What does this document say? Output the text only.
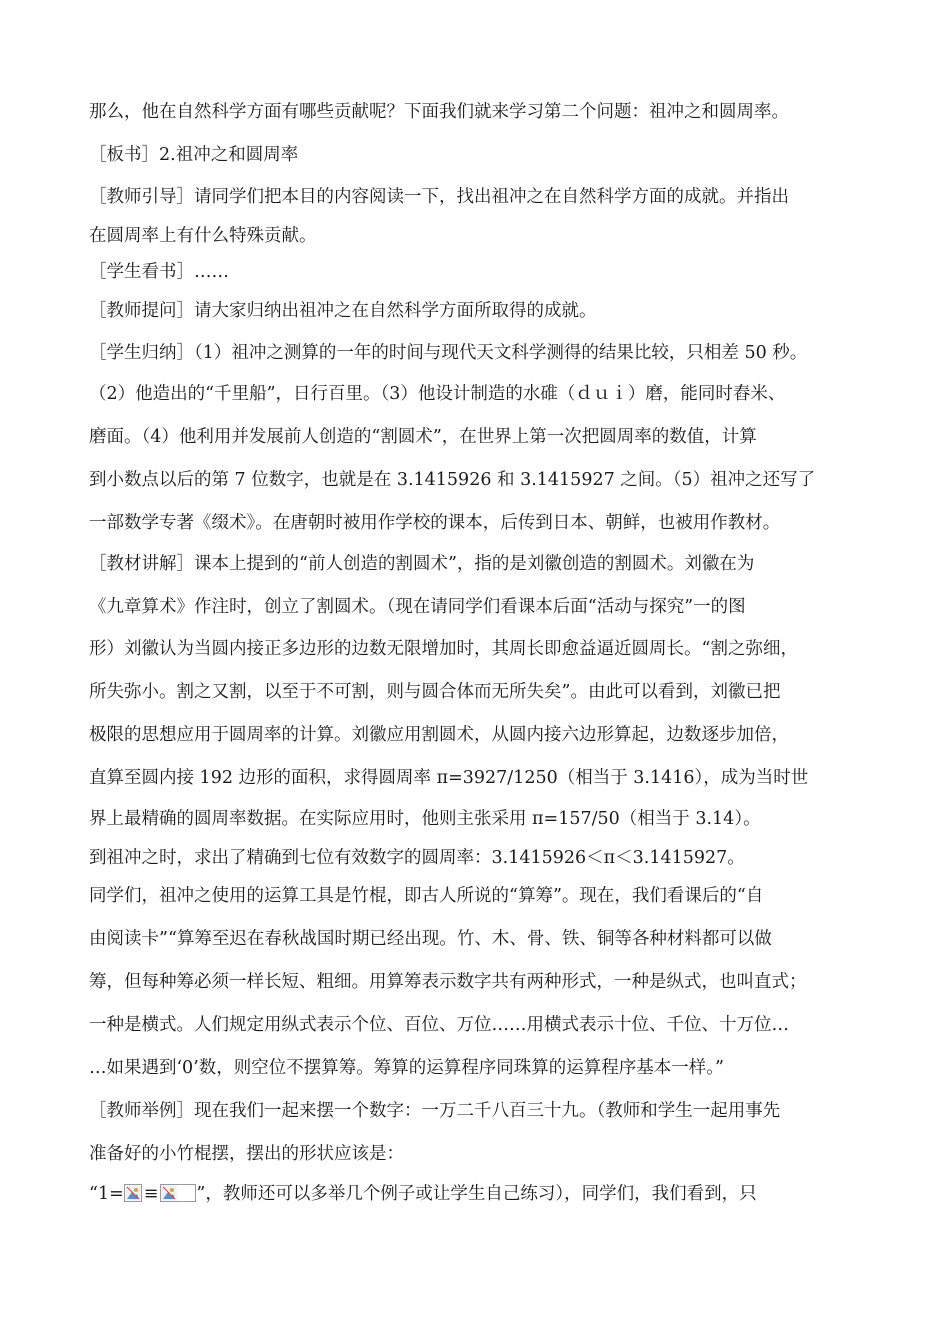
那么，他在自然科学方面有哪些贡献呢？下面我们就来学习第二个问题：祖冲之和圆周率。
［板书］2.祖冲之和圆周率
［教师引导］请同学们把本目的内容阅读一下，找出祖冲之在自然科学方面的成就。并指出
在圆周率上有什么特殊贡献。
［学生看书］……
［教师提问］请大家归纳出祖冲之在自然科学方面所取得的成就。
［学生归纳］（1）祖冲之测算的一年的时间与现代天文科学测得的结果比较，只相差 50 秒。
（2）他造出的“千里船”，日行百里。（3）他设计制造的水碓（ｄｕｉ）磨，能同时舂米、
磨面。（4）他利用并发展前人创造的“割圆术”，在世界上第一次把圆周率的数值，计算
到小数点以后的第 7 位数字，也就是在 3.1415926 和 3.1415927 之间。（5）祖冲之还写了
一部数学专著《缀术》。在唐朝时被用作学校的课本，后传到日本、朝鲜，也被用作教材。
［教材讲解］课本上提到的“前人创造的割圆术”，指的是刘徽创造的割圆术。刘徽在为
《九章算术》作注时，创立了割圆术。（现在请同学们看课本后面“活动与探究”一的图
形）刘徽认为当圆内接正多边形的边数无限增加时，其周长即愈益逼近圆周长。“割之弥细，
所失弥小。割之又割，以至于不可割，则与圆合体而无所失矣”。由此可以看到，刘徽已把
极限的思想应用于圆周率的计算。刘徽应用割圆术，从圆内接六边形算起，边数逐步加倍，
直算至圆内接 192 边形的面积，求得圆周率 π=3927/1250（相当于 3.1416），成为当时世
界上最精确的圆周率数据。在实际应用时，他则主张采用 π=157/50（相当于 3.14）。
到祖冲之时，求出了精确到七位有效数字的圆周率：3.1415926＜π＜3.1415927。
同学们，祖冲之使用的运算工具是竹棍，即古人所说的“算筹”。现在，我们看课后的“自
由阅读卡”“算筹至迟在春秋战国时期已经出现。竹、木、骨、铁、铜等各种材料都可以做
筹，但每种筹必须一样长短、粗细。用算筹表示数字共有两种形式，一种是纵式，也叫直式；
一种是横式。人们规定用纵式表示个位、百位、万位……用横式表示十位、千位、十万位…
…如果遇到‘0’数，则空位不摆算筹。筹算的运算程序同珠算的运算程序基本一样。”
［教师举例］现在我们一起来摆一个数字：一万二千八百三十九。（教师和学生一起用事先
准备好的小竹棍摆，摆出的形状应该是：
“1= ≡ ”，教师还可以多举几个例子或让学生自己练习），同学们，我们看到，只
